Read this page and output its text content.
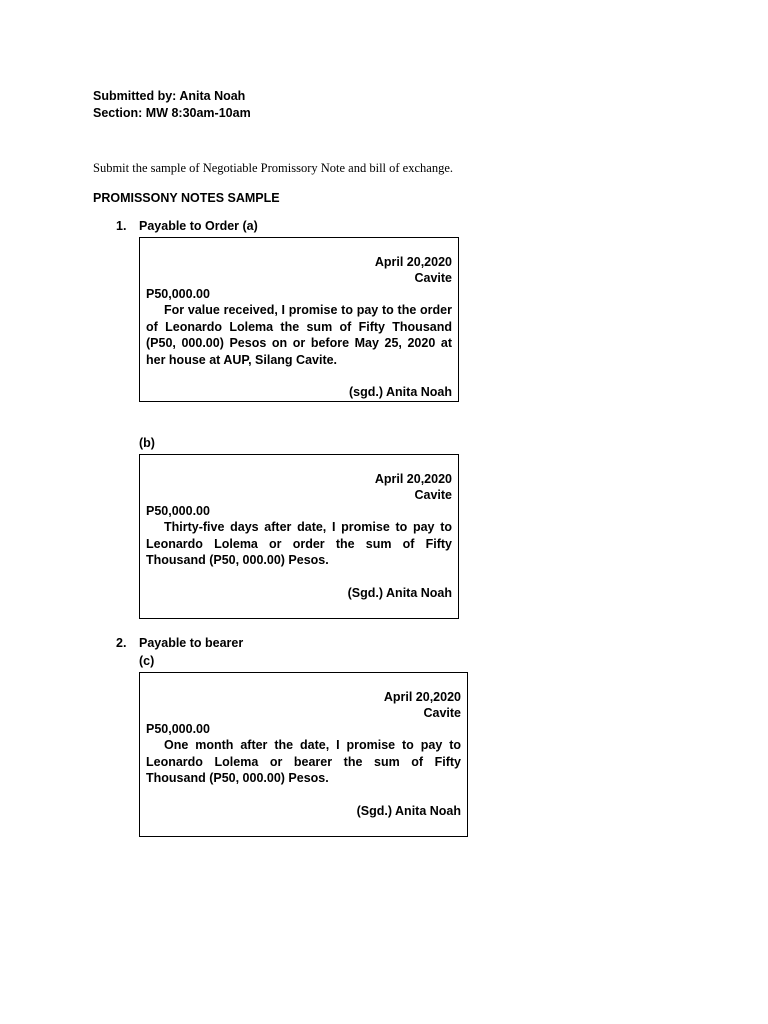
Submitted by: Anita Noah
Section: MW 8:30am-10am
Submit the sample of Negotiable Promissory Note and bill of exchange.
PROMISSONY NOTES SAMPLE
1. Payable to Order (a)
April 20,2020
Cavite
P50,000.00
For value received, I promise to pay to the order of Leonardo Lolema the sum of Fifty Thousand (P50, 000.00) Pesos on or before May 25, 2020 at her house at AUP, Silang Cavite.
(sgd.) Anita Noah
(b)
April 20,2020
Cavite
P50,000.00
Thirty-five days after date, I promise to pay to Leonardo Lolema or order the sum of Fifty Thousand (P50, 000.00) Pesos.
(Sgd.) Anita Noah
2. Payable to bearer
(c)
April 20,2020
Cavite
P50,000.00
One month after the date, I promise to pay to Leonardo Lolema or bearer the sum of Fifty Thousand (P50, 000.00) Pesos.
(Sgd.) Anita Noah
